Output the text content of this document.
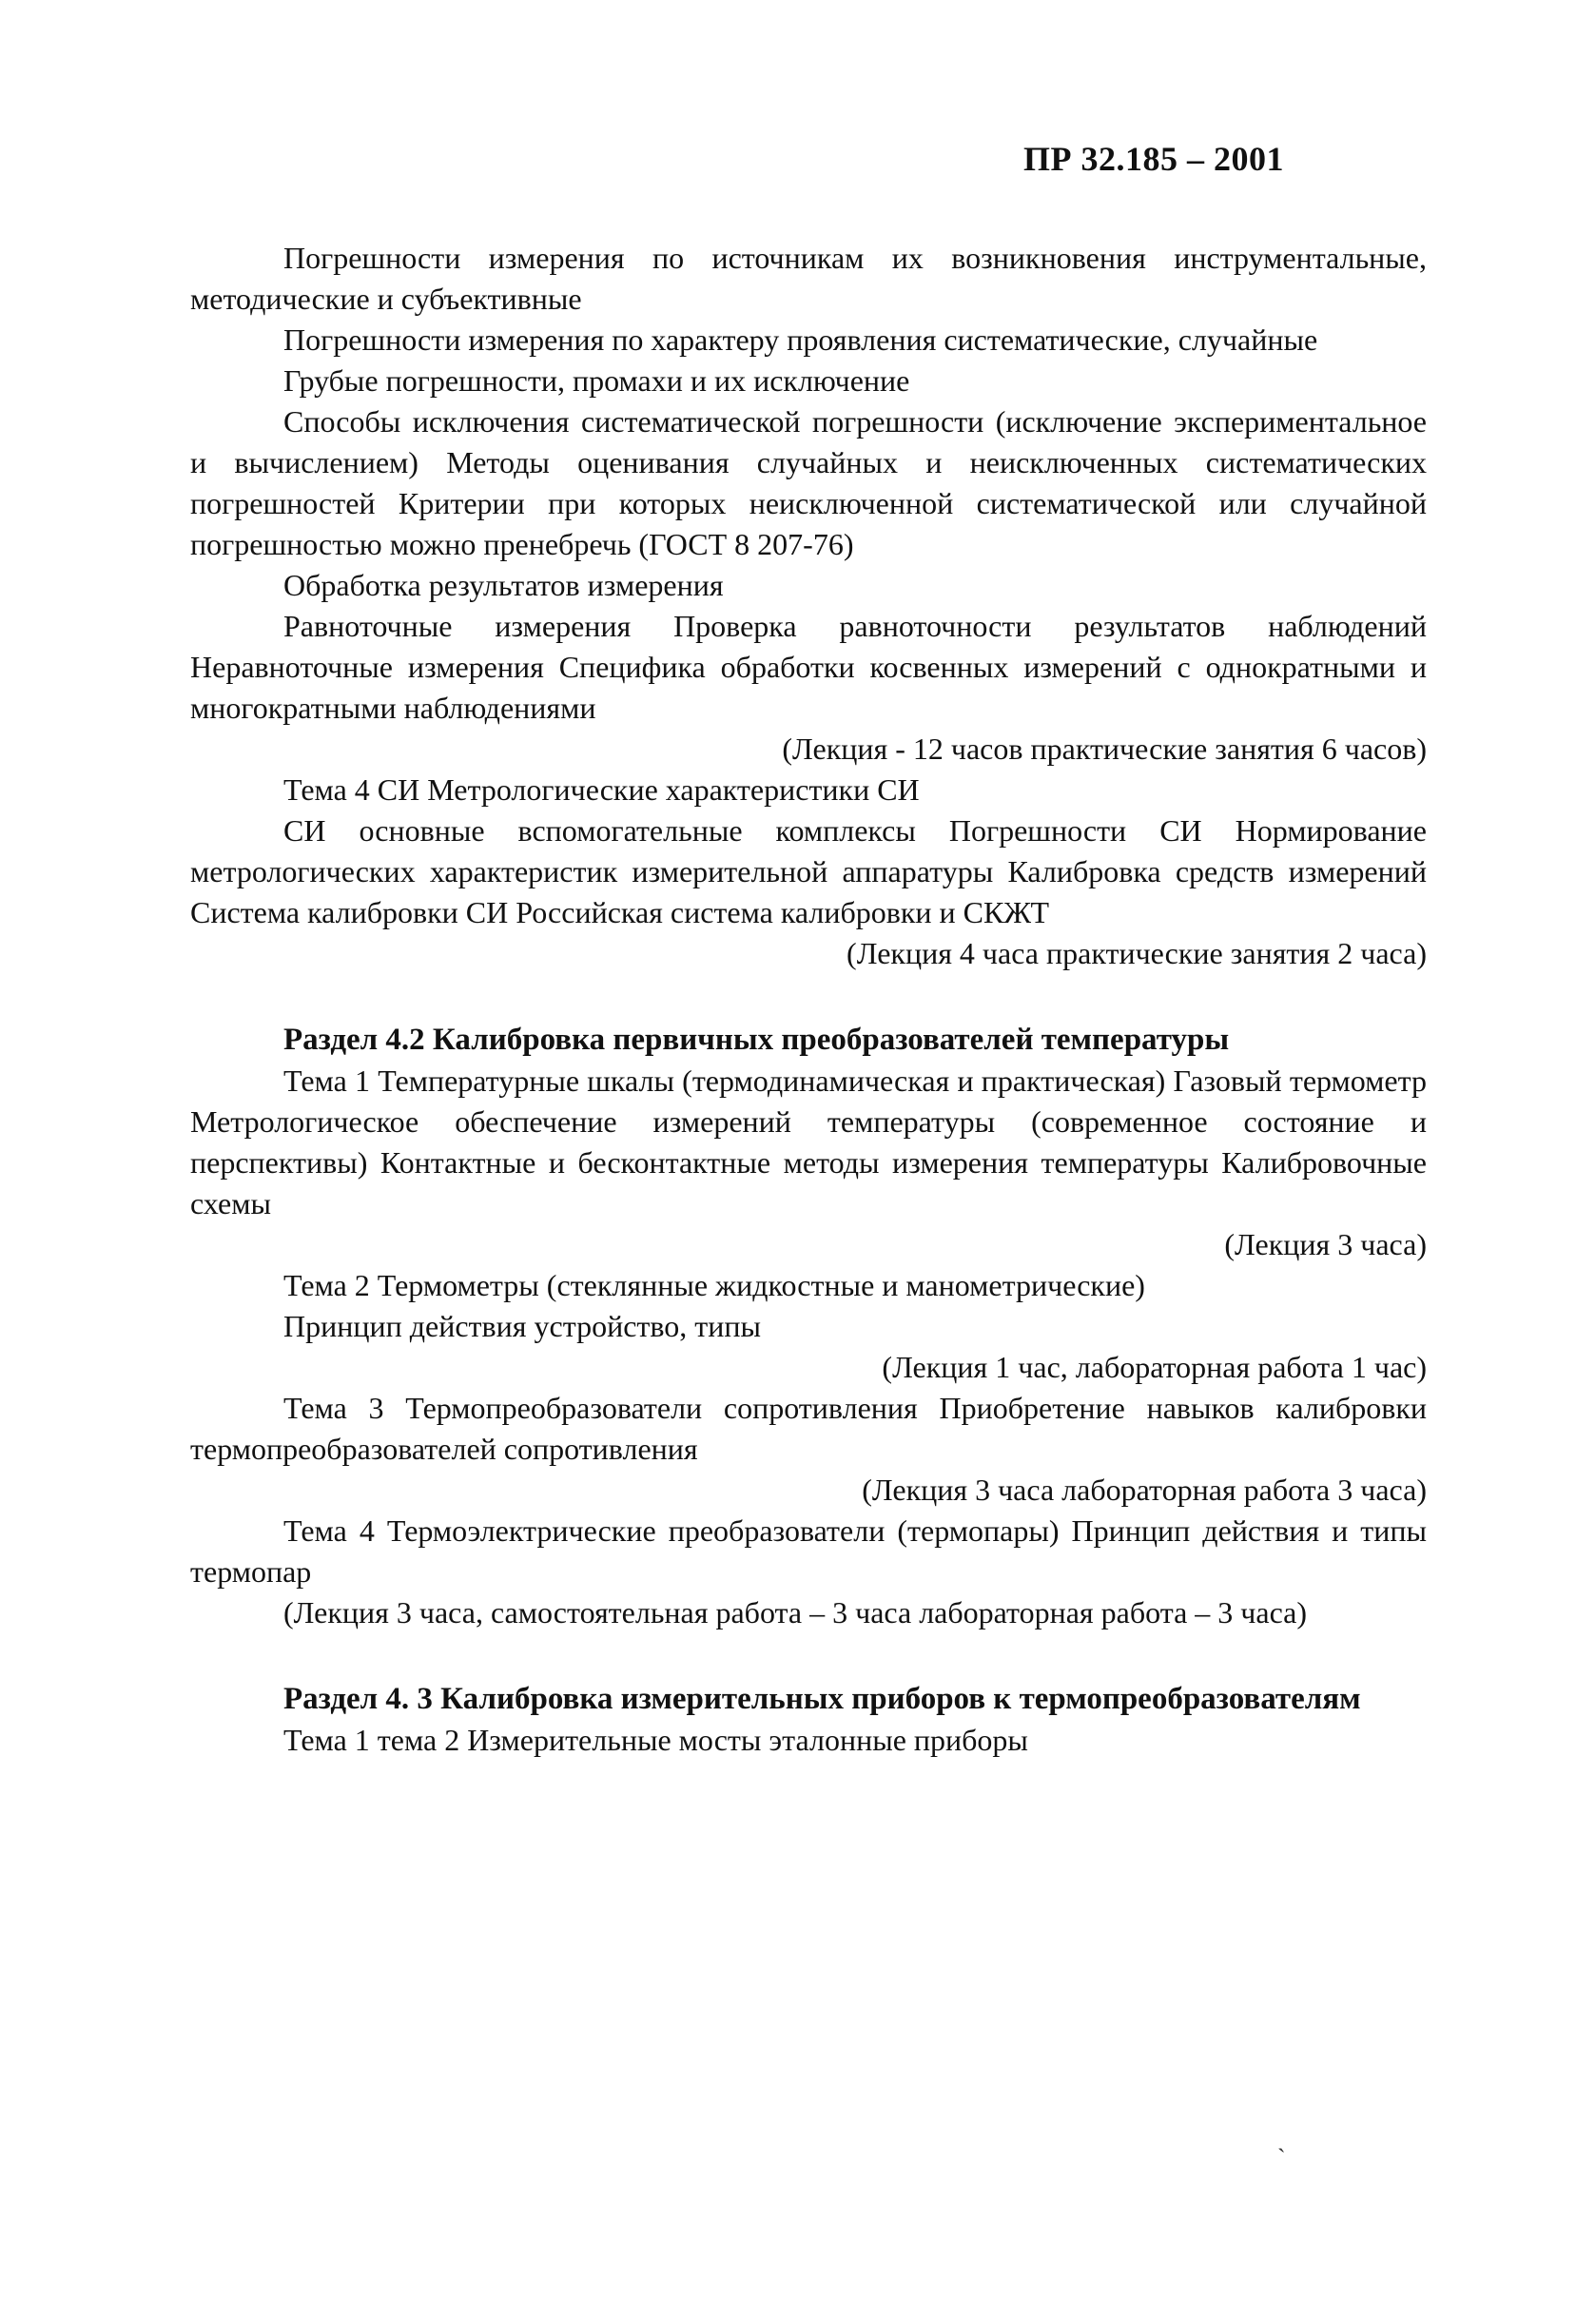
ПР 32.185 – 2001

Погрешности измерения по источникам их возникновения инструментальные, методические и субъективные

Погрешности измерения по характеру проявления систематические, случайные

Грубые погрешности, промахи и их исключение

Способы исключения систематической погрешности (исключение экспериментальное и вычислением) Методы оценивания случайных и неисключенных систематических погрешностей Критерии при которых неисключенной систематической или случайной погрешностью можно пренебречь (ГОСТ 8 207-76)

Обработка результатов измерения

Равноточные измерения Проверка равноточности результатов наблюдений Неравноточные измерения Специфика обработки косвенных измерений с однократными и многократными наблюдениями

(Лекция - 12 часов практические занятия 6 часов)

Тема 4 СИ Метрологические характеристики СИ

СИ основные вспомогательные комплексы Погрешности СИ Нормирование метрологических характеристик измерительной аппаратуры Калибровка средств измерений Система калибровки СИ Российская система калибровки и СКЖТ

(Лекция 4 часа практические занятия 2 часа)

Раздел 4.2 Калибровка первичных преобразователей температуры

Тема 1 Температурные шкалы (термодинамическая и практическая) Газовый термометр Метрологическое обеспечение измерений температуры (современное состояние и перспективы) Контактные и бесконтактные методы измерения температуры Калибровочные схемы

(Лекция 3 часа)

Тема 2 Термометры (стеклянные жидкостные и манометрические)

Принцип действия устройство, типы

(Лекция 1 час, лабораторная работа 1 час)

Тема 3 Термопреобразователи сопротивления Приобретение навыков калибровки термопреобразователей сопротивления

(Лекция 3 часа лабораторная работа 3 часа)

Тема 4 Термоэлектрические преобразователи (термопары) Принцип действия и типы термопар

(Лекция 3 часа, самостоятельная работа – 3 часа лабораторная работа – 3 часа)

Раздел 4. 3 Калибровка измерительных приборов к термопреобразователям

Тема 1 тема 2 Измерительные мосты эталонные приборы

`
